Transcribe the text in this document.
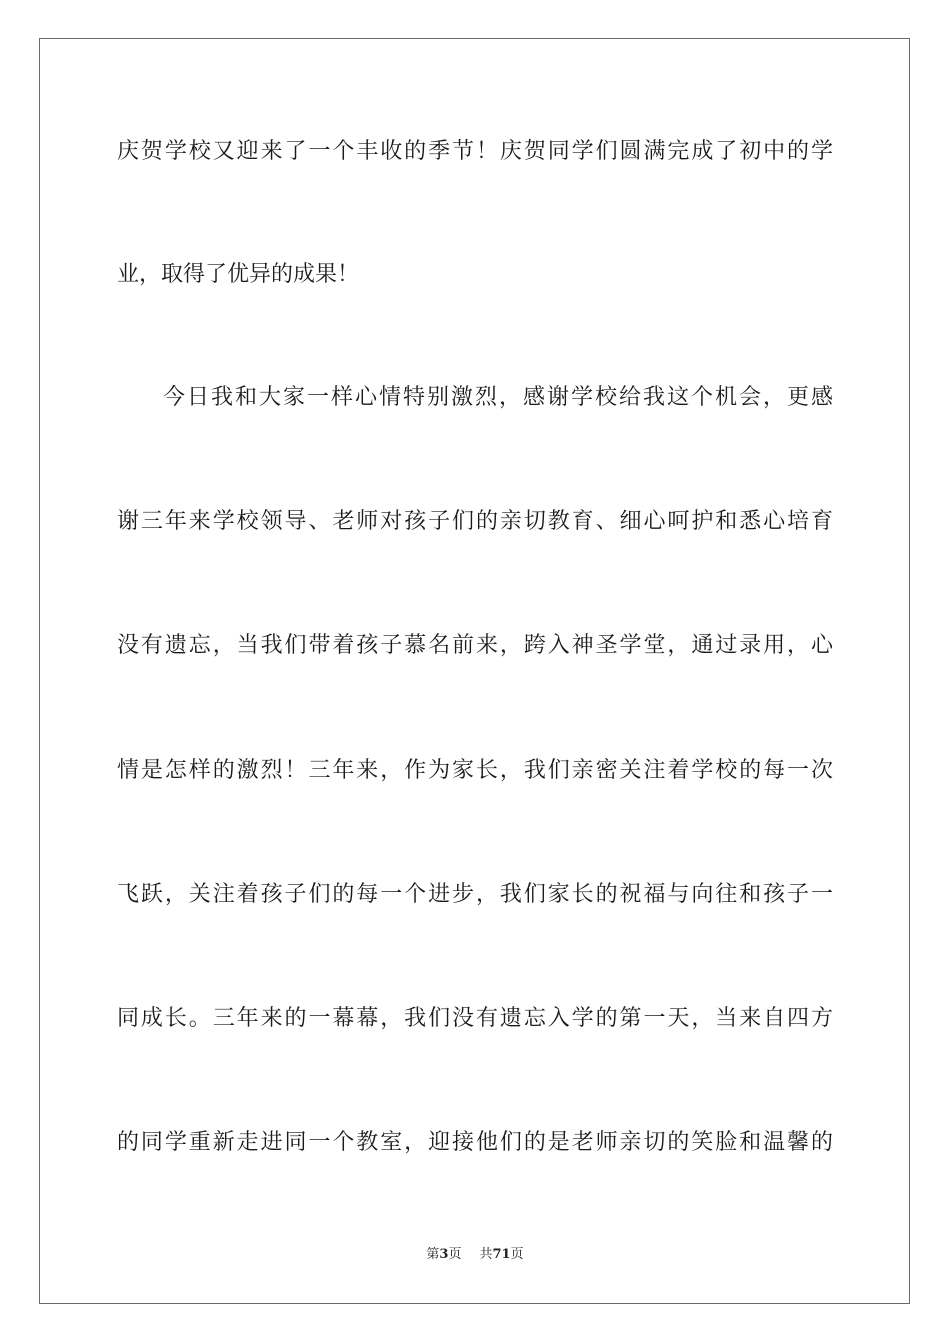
庆贺学校又迎来了一个丰收的季节！庆贺同学们圆满完成了初中的学
业，取得了优异的成果！
今日我和大家一样心情特别激烈，感谢学校给我这个机会，更感
谢三年来学校领导、老师对孩子们的亲切教育、细心呵护和悉心培育
没有遗忘，当我们带着孩子慕名前来，跨入神圣学堂，通过录用，心
情是怎样的激烈！三年来，作为家长，我们亲密关注着学校的每一次
飞跃，关注着孩子们的每一个进步，我们家长的祝福与向往和孩子一
同成长。三年来的一幕幕，我们没有遗忘入学的第一天，当来自四方
的同学重新走进同一个教室，迎接他们的是老师亲切的笑脸和温馨的
第3页 共71页
